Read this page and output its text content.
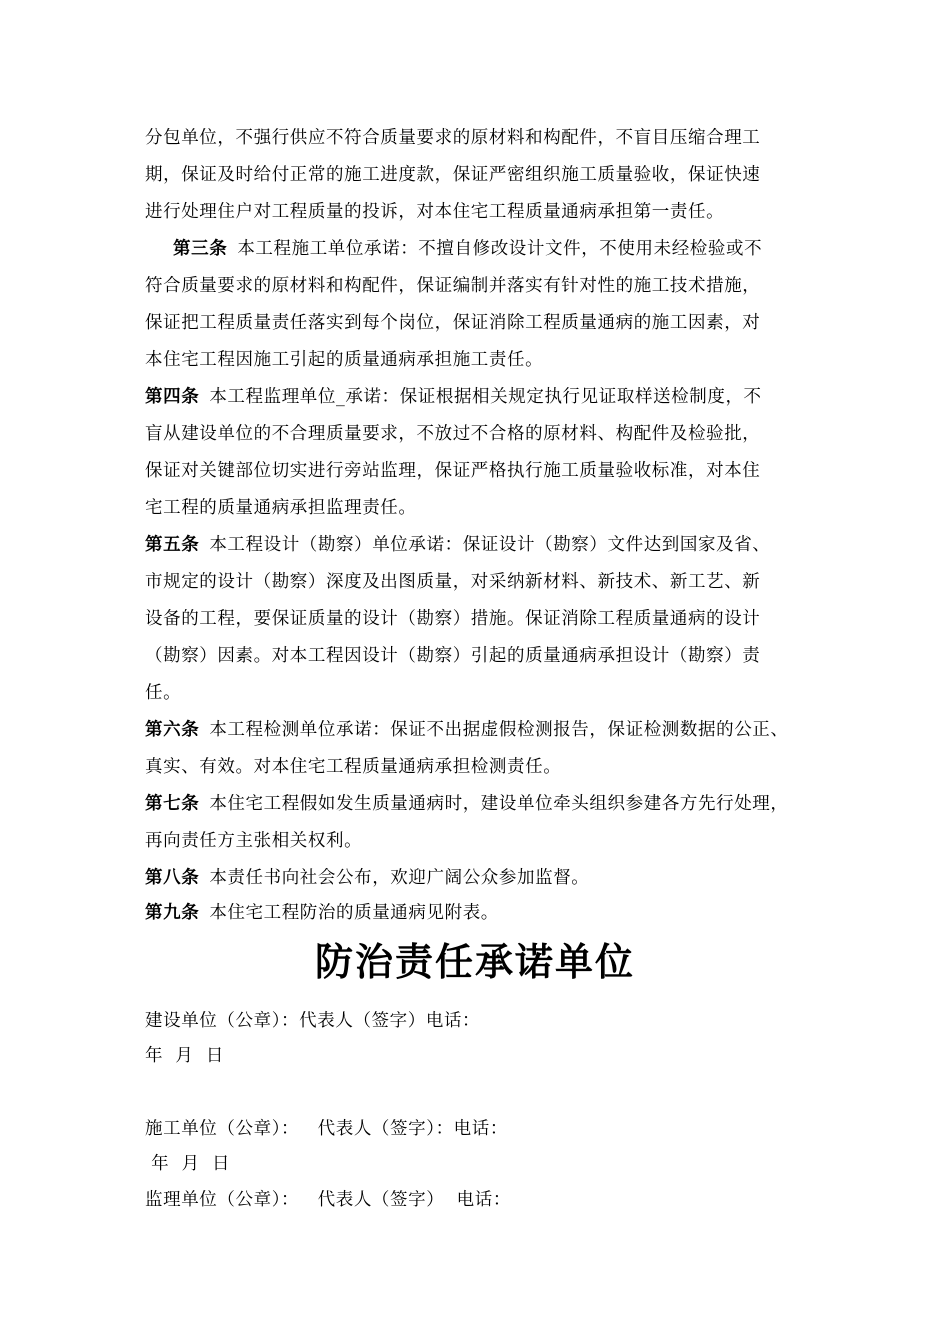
分包单位，不强行供应不符合质量要求的原材料和构配件，不盲目压缩合理工
期，保证及时给付正常的施工进度款，保证严密组织施工质量验收，保证快速
进行处理住户对工程质量的投诉，对本住宅工程质量通病承担第一责任。
第三条 本工程施工单位承诺：不擅自修改设计文件，不使用未经检验或不
符合质量要求的原材料和构配件，保证编制并落实有针对性的施工技术措施，
保证把工程质量责任落实到每个岗位，保证消除工程质量通病的施工因素，对
本住宅工程因施工引起的质量通病承担施工责任。
第四条 本工程监理单位_承诺：保证根据相关规定执行见证取样送检制度，不
盲从建设单位的不合理质量要求，不放过不合格的原材料、构配件及检验批，
保证对关键部位切实进行旁站监理，保证严格执行施工质量验收标准，对本住
宅工程的质量通病承担监理责任。
第五条 本工程设计（勘察）单位承诺：保证设计（勘察）文件达到国家及省、
市规定的设计（勘察）深度及出图质量，对采纳新材料、新技术、新工艺、新
设备的工程，要保证质量的设计（勘察）措施。保证消除工程质量通病的设计
（勘察）因素。对本工程因设计（勘察）引起的质量通病承担设计（勘察）责
任。
第六条 本工程检测单位承诺：保证不出据虚假检测报告，保证检测数据的公正、
真实、有效。对本住宅工程质量通病承担检测责任。
第七条 本住宅工程假如发生质量通病时，建设单位牵头组织参建各方先行处理，
再向责任方主张相关权利。
第八条 本责任书向社会公布，欢迎广阔公众参加监督。
第九条 本住宅工程防治的质量通病见附表。
防治责任承诺单位
建设单位（公章）：代表人（签字）电话：
年  月  日
施工单位（公章）：   代表人（签字）：电话：
年  月  日
监理单位（公章）：   代表人（签字）  电话：
